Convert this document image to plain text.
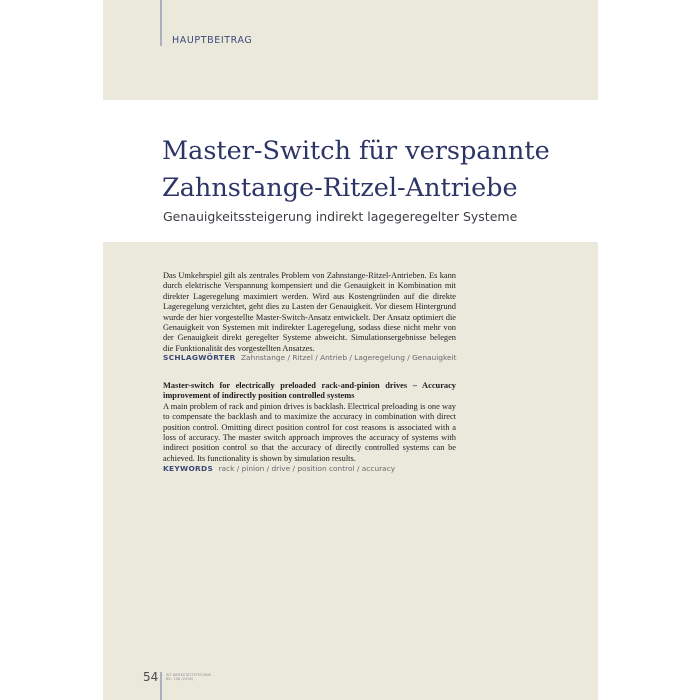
HAUPTBEITRAG
Master-Switch für verspannte
Zahnstange-Ritzel-Antriebe
Genauigkeitssteigerung indirekt lagegeregelter Systeme
Das Umkehrspiel gilt als zentrales Problem von Zahnstange-Ritzel-Antrieben. Es kann durch elektrische Verspannung kompensiert und die Genauigkeit in Kombination mit direkter Lageregelung maximiert werden. Wird aus Kostengründen auf die direkte Lageregelung verzichtet, geht dies zu Lasten der Genauigkeit. Vor diesem Hintergrund wurde der hier vorgestellte Master-Switch-Ansatz entwickelt. Der Ansatz optimiert die Genauigkeit von Systemen mit indirekter Lageregelung, sodass diese nicht mehr von der Genauigkeit direkt geregelter Systeme abweicht. Simulationsergebnisse belegen die Funktionalität des vorgestellten Ansatzes.
SCHLAGWÖRTER Zahnstange / Ritzel / Antrieb / Lageregelung / Genauigkeit
Master-switch for electrically preloaded rack-and-pinion drives – Accuracy improvement of indirectly position controlled systems
A main problem of rack and pinion drives is backlash. Electrical preloading is one way to compensate the backlash and to maximize the accuracy in combination with direct position control. Omitting direct position control for cost reasons is associated with a loss of accuracy. The master switch approach improves the accuracy of systems with indirect position control so that the accuracy of directly controlled systems can be achieved. Its functionality is shown by simulation results.
KEYWORDS rack / pinion / drive / position control / accuracy
54 WT WERKSTATTSTECHNIK
BD. 108 (2018)
